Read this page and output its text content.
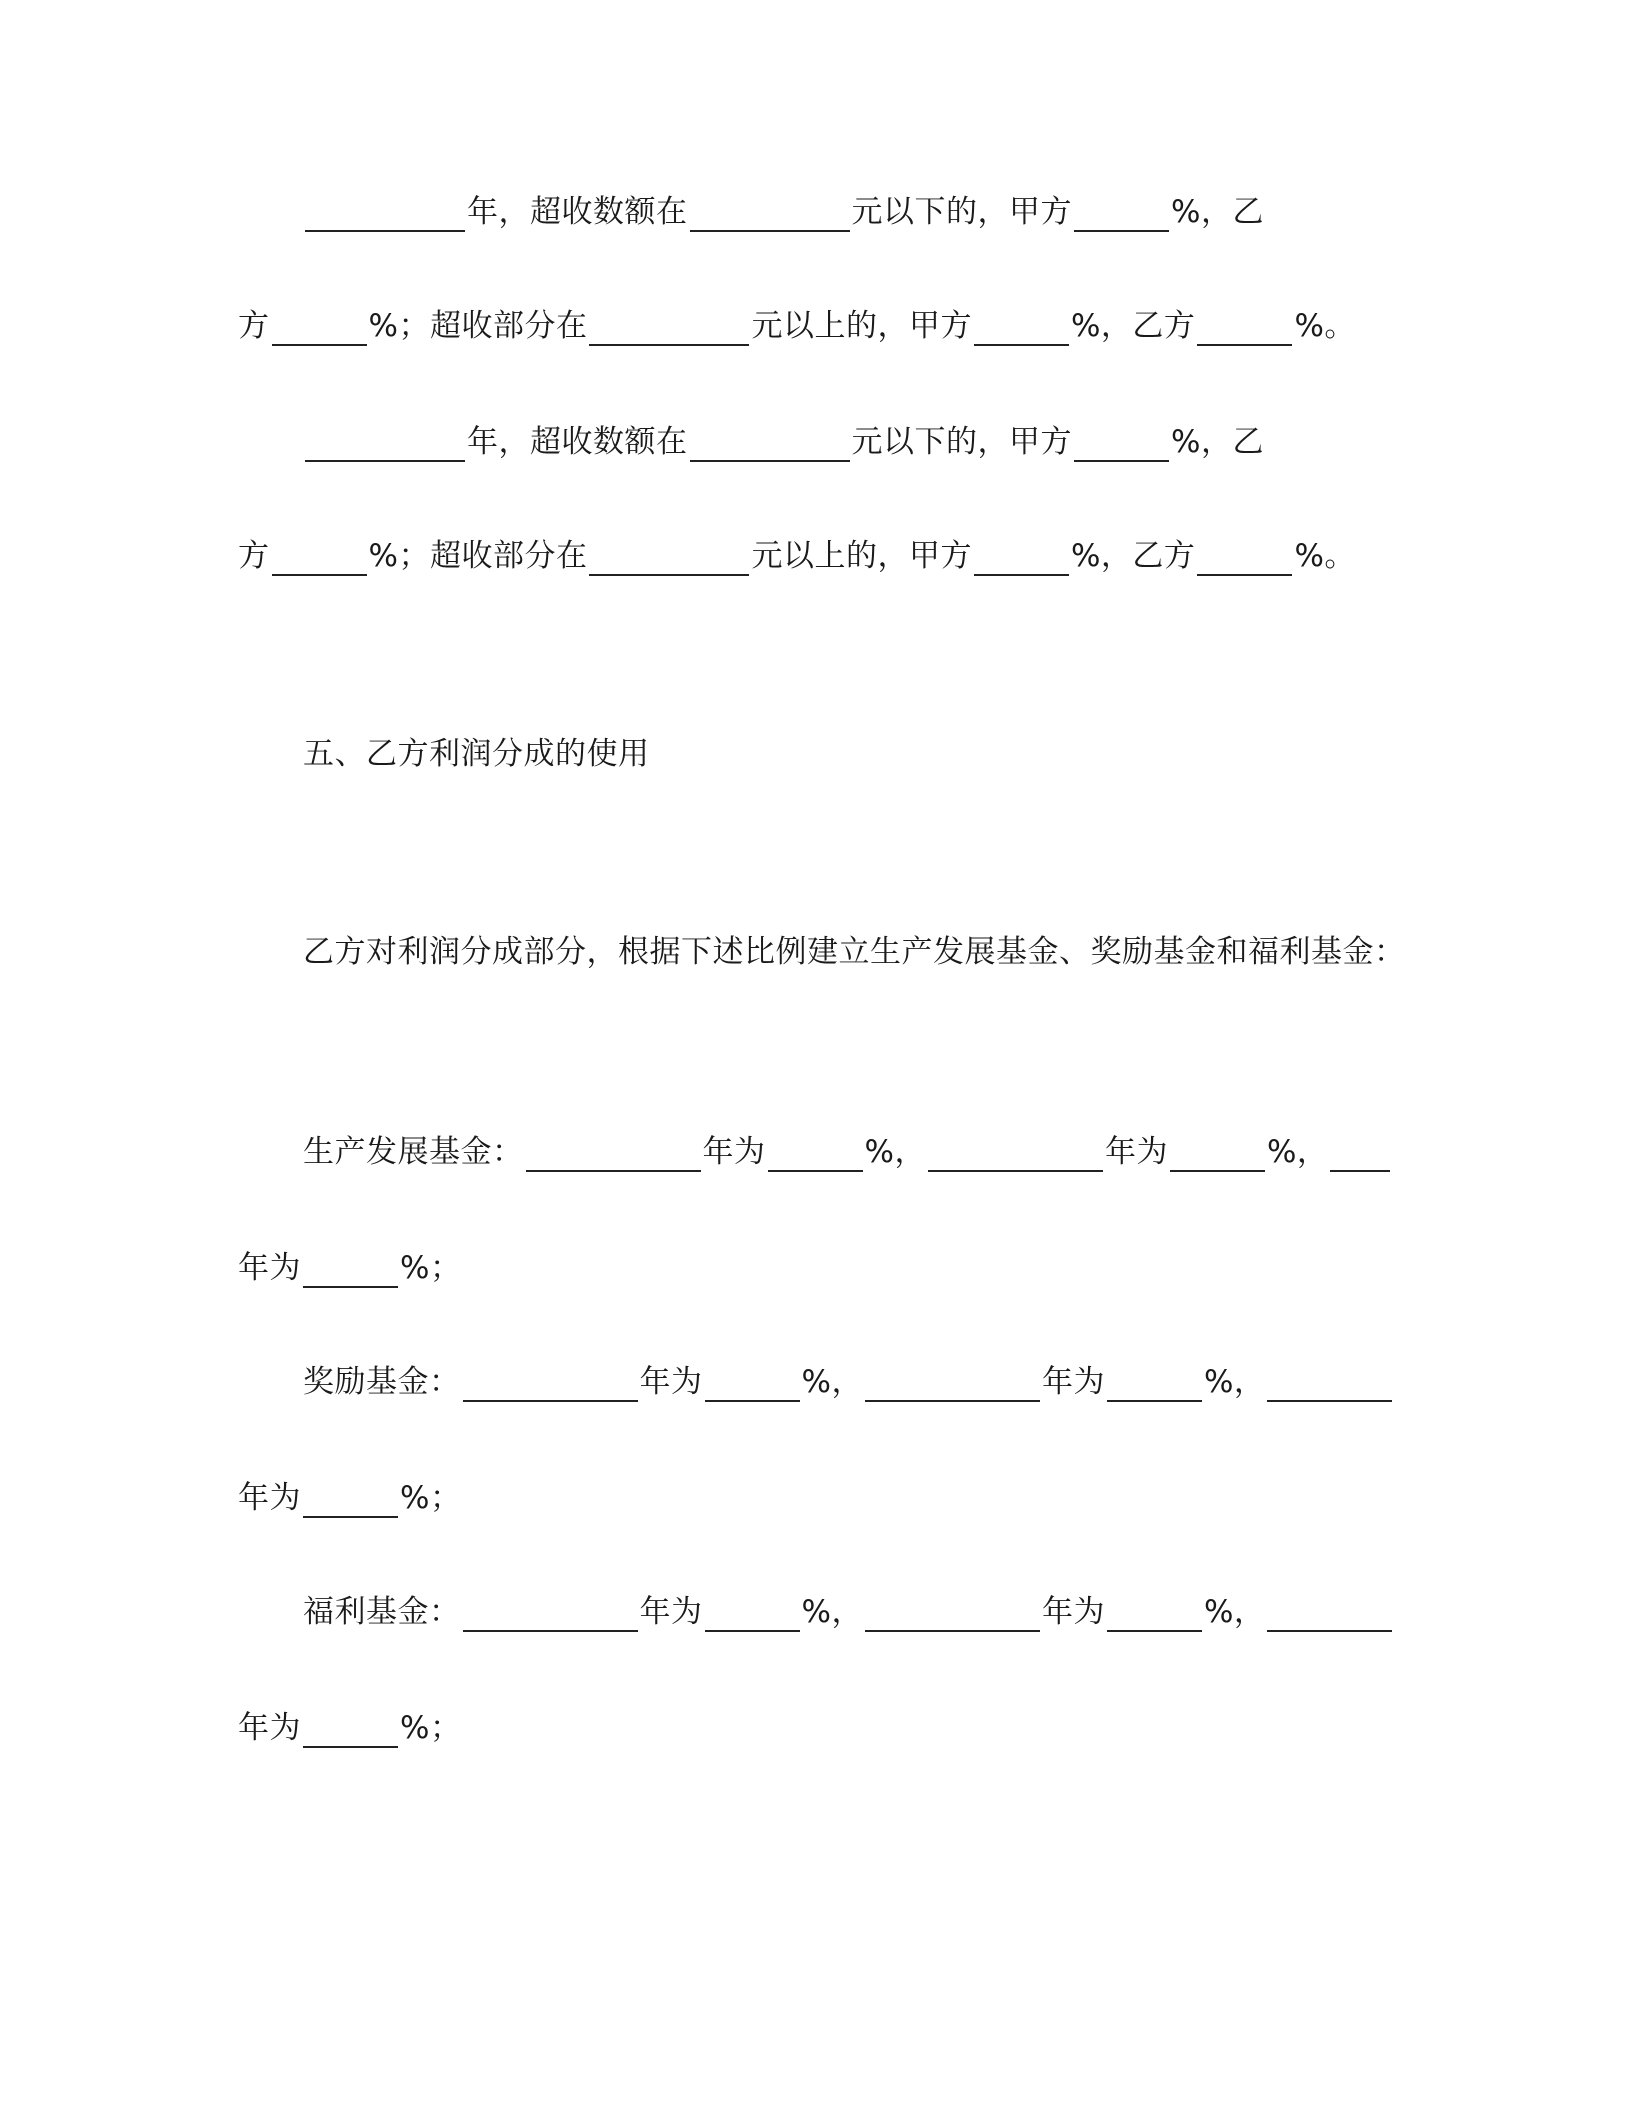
年，超收数额在	元以下的，甲方	%，乙
方	%；超收部分在	元以上的，甲方	%，乙方	%。
年，超收数额在	元以下的，甲方	%，乙
方	%；超收部分在	元以上的，甲方	%，乙方	%。
五、乙方利润分成的使用
乙方对利润分成部分，根据下述比例建立生产发展基金、奖励基金和福利基金：
生产发展基金：	年为	%，	年为	%，
年为	%；
奖励基金：	年为	%，	年为	%，
年为	%；
福利基金：	年为	%，	年为	%，
年为	%；
